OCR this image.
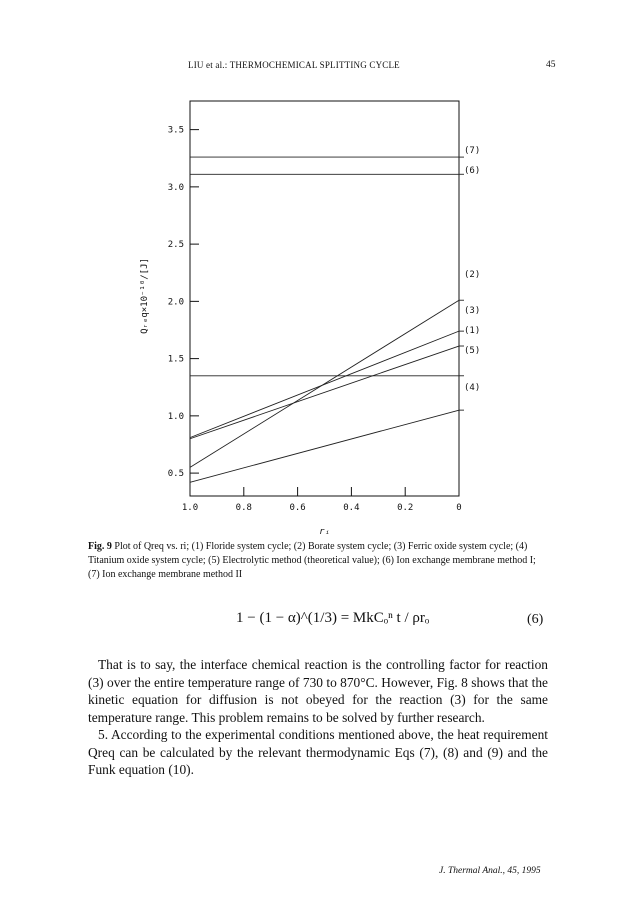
LIU et al.: THERMOCHEMICAL SPLITTING CYCLE	45
3.5
3.0
2.5
2.0
1.5
1.0
0.5
1.0	0.8	0.6	0.4	0.2	0
(7)
(6)
(2)
(3)
(1)
(5)
(4)
rᵢ
Qᵣₑq×10⁻¹⁰/[J]
Fig. 9 Plot of Qreq vs. ri; (1) Floride system cycle; (2) Borate system cycle; (3) Ferric oxide system cycle; (4) Titanium oxide system cycle; (5) Electrolytic method (theoretical value); (6) Ion exchange membrane method I; (7) Ion exchange membrane method II
1 − (1 − α)^(1/3) = MkCₒⁿ t / ρrₒ	(6)

That is to say, the interface chemical reaction is the controlling factor for reaction (3) over the entire temperature range of 730 to 870°C. However, Fig. 8 shows that the kinetic equation for diffusion is not obeyed for the reaction (3) for the same temperature range. This problem remains to be solved by further research.

5. According to the experimental conditions mentioned above, the heat requirement Qreq can be calculated by the relevant thermodynamic Eqs (7), (8) and (9) and the Funk equation (10).

J. Thermal Anal., 45, 1995
